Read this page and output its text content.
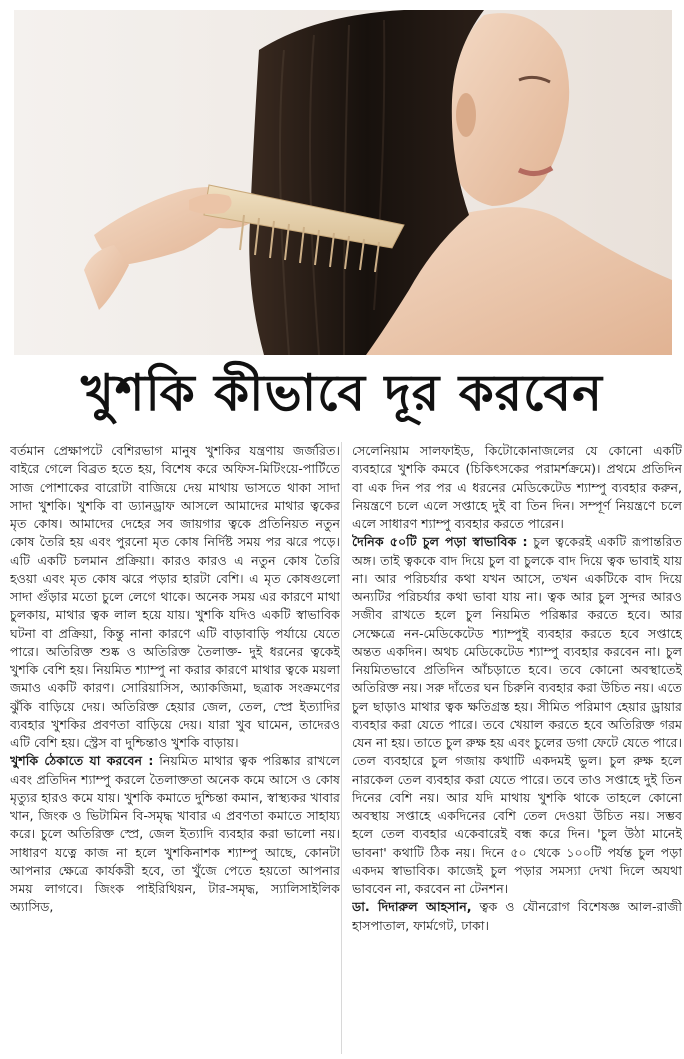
খুশকি কীভাবে দূর করবেন

বর্তমান প্রেক্ষাপটে বেশিরভাগ মানুষ খুশকির যন্ত্রণায় জর্জরিত। বাইরে গেলে বিব্রত হতে হয়, বিশেষ করে অফিস-মিটিংয়ে-পার্টিতে সাজ পোশাকের বারোটা বাজিয়ে দেয় মাথায় ভাসতে থাকা সাদা সাদা খুশকি। খুশকি বা ড্যানড্রাফ আসলে আমাদের মাথার ত্বকের মৃত কোষ। আমাদের দেহের সব জায়গার ত্বকে প্রতিনিয়ত নতুন কোষ তৈরি হয় এবং পুরনো মৃত কোষ নির্দিষ্ট সময় পর ঝরে পড়ে। এটি একটি চলমান প্রক্রিয়া। কারও কারও এ নতুন কোষ তৈরি হওয়া এবং মৃত কোষ ঝরে পড়ার হারটা বেশি। এ মৃত কোষগুলো সাদা গুঁড়ার মতো চুলে লেগে থাকে। অনেক সময় এর কারণে মাথা চুলকায়, মাথার ত্বক লাল হয়ে যায়। খুশকি যদিও একটি স্বাভাবিক ঘটনা বা প্রক্রিয়া, কিন্তু নানা কারণে এটি বাড়াবাড়ি পর্যায়ে যেতে পারে। অতিরিক্ত শুষ্ক ও অতিরিক্ত তৈলাক্ত- দুই ধরনের ত্বকেই খুশকি বেশি হয়। নিয়মিত শ্যাম্পু না করার কারণে মাথার ত্বকে ময়লা জমাও একটি কারণ। সোরিয়াসিস, অ্যাকজিমা, ছত্রাক সংক্রমণের ঝুঁকি বাড়িয়ে দেয়। অতিরিক্ত হেয়ার জেল, তেল, স্প্রে ইত্যাদির ব্যবহার খুশকির প্রবণতা বাড়িয়ে দেয়। যারা খুব ঘামেন, তাদেরও এটি বেশি হয়। স্ট্রেস বা দুশ্চিন্তাও খুশকি বাড়ায়।

খুশকি ঠেকাতে যা করবেন : নিয়মিত মাথার ত্বক পরিষ্কার রাখলে এবং প্রতিদিন শ্যাম্পু করলে তৈলাক্ততা অনেক কমে আসে ও কোষ মৃত্যুর হারও কমে যায়। খুশকি কমাতে দুশ্চিন্তা কমান, স্বাস্থ্যকর খাবার খান, জিংক ও ভিটামিন বি-সমৃদ্ধ খাবার এ প্রবণতা কমাতে সাহায্য করে। চুলে অতিরিক্ত স্প্রে, জেল ইত্যাদি ব্যবহার করা ভালো নয়। সাধারণ যত্নে কাজ না হলে খুশকিনাশক শ্যাম্পু আছে, কোনটা আপনার ক্ষেত্রে কার্যকরী হবে, তা খুঁজে পেতে হয়তো আপনার সময় লাগবে। জিংক পাইরিথিয়ন, টার-সমৃদ্ধ, স্যালিসাইলিক অ্যাসিড,

সেলেনিয়াম সালফাইড, কিটোকোনাজলের যে কোনো একটি ব্যবহারে খুশকি কমবে (চিকিৎসকের পরামর্শক্রমে)। প্রথমে প্রতিদিন বা এক দিন পর পর এ ধরনের মেডিকেটেড শ্যাম্পু ব্যবহার করুন, নিয়ন্ত্রণে চলে এলে সপ্তাহে দুই বা তিন দিন। সম্পূর্ণ নিয়ন্ত্রণে চলে এলে সাধারণ শ্যাম্পু ব্যবহার করতে পারেন।

দৈনিক ৫০টি চুল পড়া স্বাভাবিক : চুল ত্বকেরই একটি রূপান্তরিত অঙ্গ। তাই ত্বককে বাদ দিয়ে চুল বা চুলকে বাদ দিয়ে ত্বক ভাবাই যায় না। আর পরিচর্যার কথা যখন আসে, তখন একটিকে বাদ দিয়ে অন্যটির পরিচর্যার কথা ভাবা যায় না। ত্বক আর চুল সুন্দর আরও সজীব রাখতে হলে চুল নিয়মিত পরিষ্কার করতে হবে। আর সেক্ষেত্রে নন-মেডিকেটেড শ্যাম্পুই ব্যবহার করতে হবে সপ্তাহে অন্তত একদিন। অথচ মেডিকেটেড শ্যাম্পু ব্যবহার করবেন না। চুল নিয়মিতভাবে প্রতিদিন আঁচড়াতে হবে। তবে কোনো অবস্থাতেই অতিরিক্ত নয়। সরু দাঁতের ঘন চিরুনি ব্যবহার করা উচিত নয়। এতে চুল ছাড়াও মাথার ত্বক ক্ষতিগ্রস্ত হয়। সীমিত পরিমাণ হেয়ার ড্রায়ার ব্যবহার করা যেতে পারে। তবে খেয়াল করতে হবে অতিরিক্ত গরম যেন না হয়। তাতে চুল রুক্ষ হয় এবং চুলের ডগা ফেটে যেতে পারে। তেল ব্যবহারে চুল গজায় কথাটি একদমই ভুল। চুল রুক্ষ হলে নারকেল তেল ব্যবহার করা যেতে পারে। তবে তাও সপ্তাহে দুই তিন দিনের বেশি নয়। আর যদি মাথায় খুশকি থাকে তাহলে কোনো অবস্থায় সপ্তাহে একদিনের বেশি তেল দেওয়া উচিত নয়। সম্ভব হলে তেল ব্যবহার একেবারেই বন্ধ করে দিন। 'চুল উঠা মানেই ভাবনা' কথাটি ঠিক নয়। দিনে ৫০ থেকে ১০০টি পর্যন্ত চুল পড়া একদম স্বাভাবিক। কাজেই চুল পড়ার সমস্যা দেখা দিলে অযথা ভাববেন না, করবেন না টেনশন।

ডা. দিদারুল আহসান, ত্বক ও যৌনরোগ বিশেষজ্ঞ আল-রাজী হাসপাতাল, ফার্মগেট, ঢাকা।
